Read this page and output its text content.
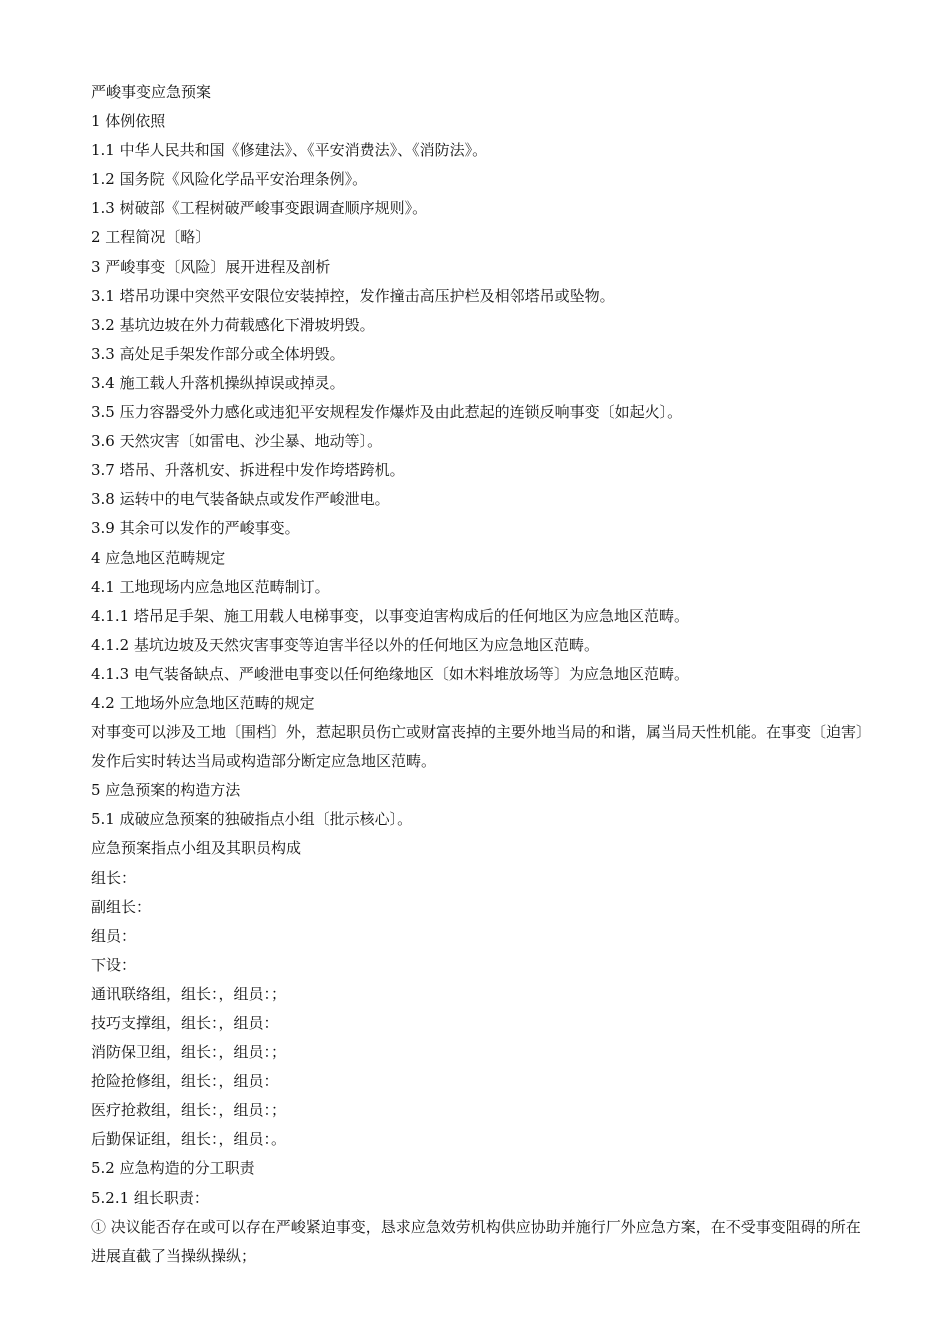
严峻事变应急预案
1 体例依照
1.1 中华人民共和国《修建法》、《平安消费法》、《消防法》。
1.2 国务院《风险化学品平安治理条例》。
1.3 树破部《工程树破严峻事变跟调查顺序规则》。
2 工程简况〔略〕
3 严峻事变〔风险〕展开进程及剖析
3.1 塔吊功课中突然平安限位安装掉控，发作撞击高压护栏及相邻塔吊或坠物。
3.2 基坑边坡在外力荷载感化下滑坡坍毁。
3.3 高处足手架发作部分或全体坍毁。
3.4 施工载人升落机操纵掉误或掉灵。
3.5 压力容器受外力感化或违犯平安规程发作爆炸及由此惹起的连锁反响事变〔如起火〕。
3.6 天然灾害〔如雷电、沙尘暴、地动等〕。
3.7 塔吊、升落机安、拆进程中发作垮塔跨机。
3.8 运转中的电气装备缺点或发作严峻泄电。
3.9 其余可以发作的严峻事变。
4 应急地区范畴规定
4.1 工地现场内应急地区范畴制订。
4.1.1 塔吊足手架、施工用载人电梯事变，以事变迫害构成后的任何地区为应急地区范畴。
4.1.2 基坑边坡及天然灾害事变等迫害半径以外的任何地区为应急地区范畴。
4.1.3 电气装备缺点、严峻泄电事变以任何绝缘地区〔如木料堆放场等〕为应急地区范畴。
4.2 工地场外应急地区范畴的规定
对事变可以涉及工地〔围档〕外，惹起职员伤亡或财富丧掉的主要外地当局的和谐，属当局天性机能。在事变〔迫害〕发作后实时转达当局或构造部分断定应急地区范畴。
5 应急预案的构造方法
5.1 成破应急预案的独破指点小组〔批示核心〕。
应急预案指点小组及其职员构成
组长：
副组长：
组员：
下设：
通讯联络组，组长：，组员：；
技巧支撑组，组长：，组员：
消防保卫组，组长：，组员：；
抢险抢修组，组长：，组员：
医疗抢救组，组长：，组员：；
后勤保证组，组长：，组员：。
5.2 应急构造的分工职责
5.2.1 组长职责：
① 决议能否存在或可以存在严峻紧迫事变，恳求应急效劳机构供应协助并施行厂外应急方案，在不受事变阻碍的所在进展直截了当操纵操纵；
